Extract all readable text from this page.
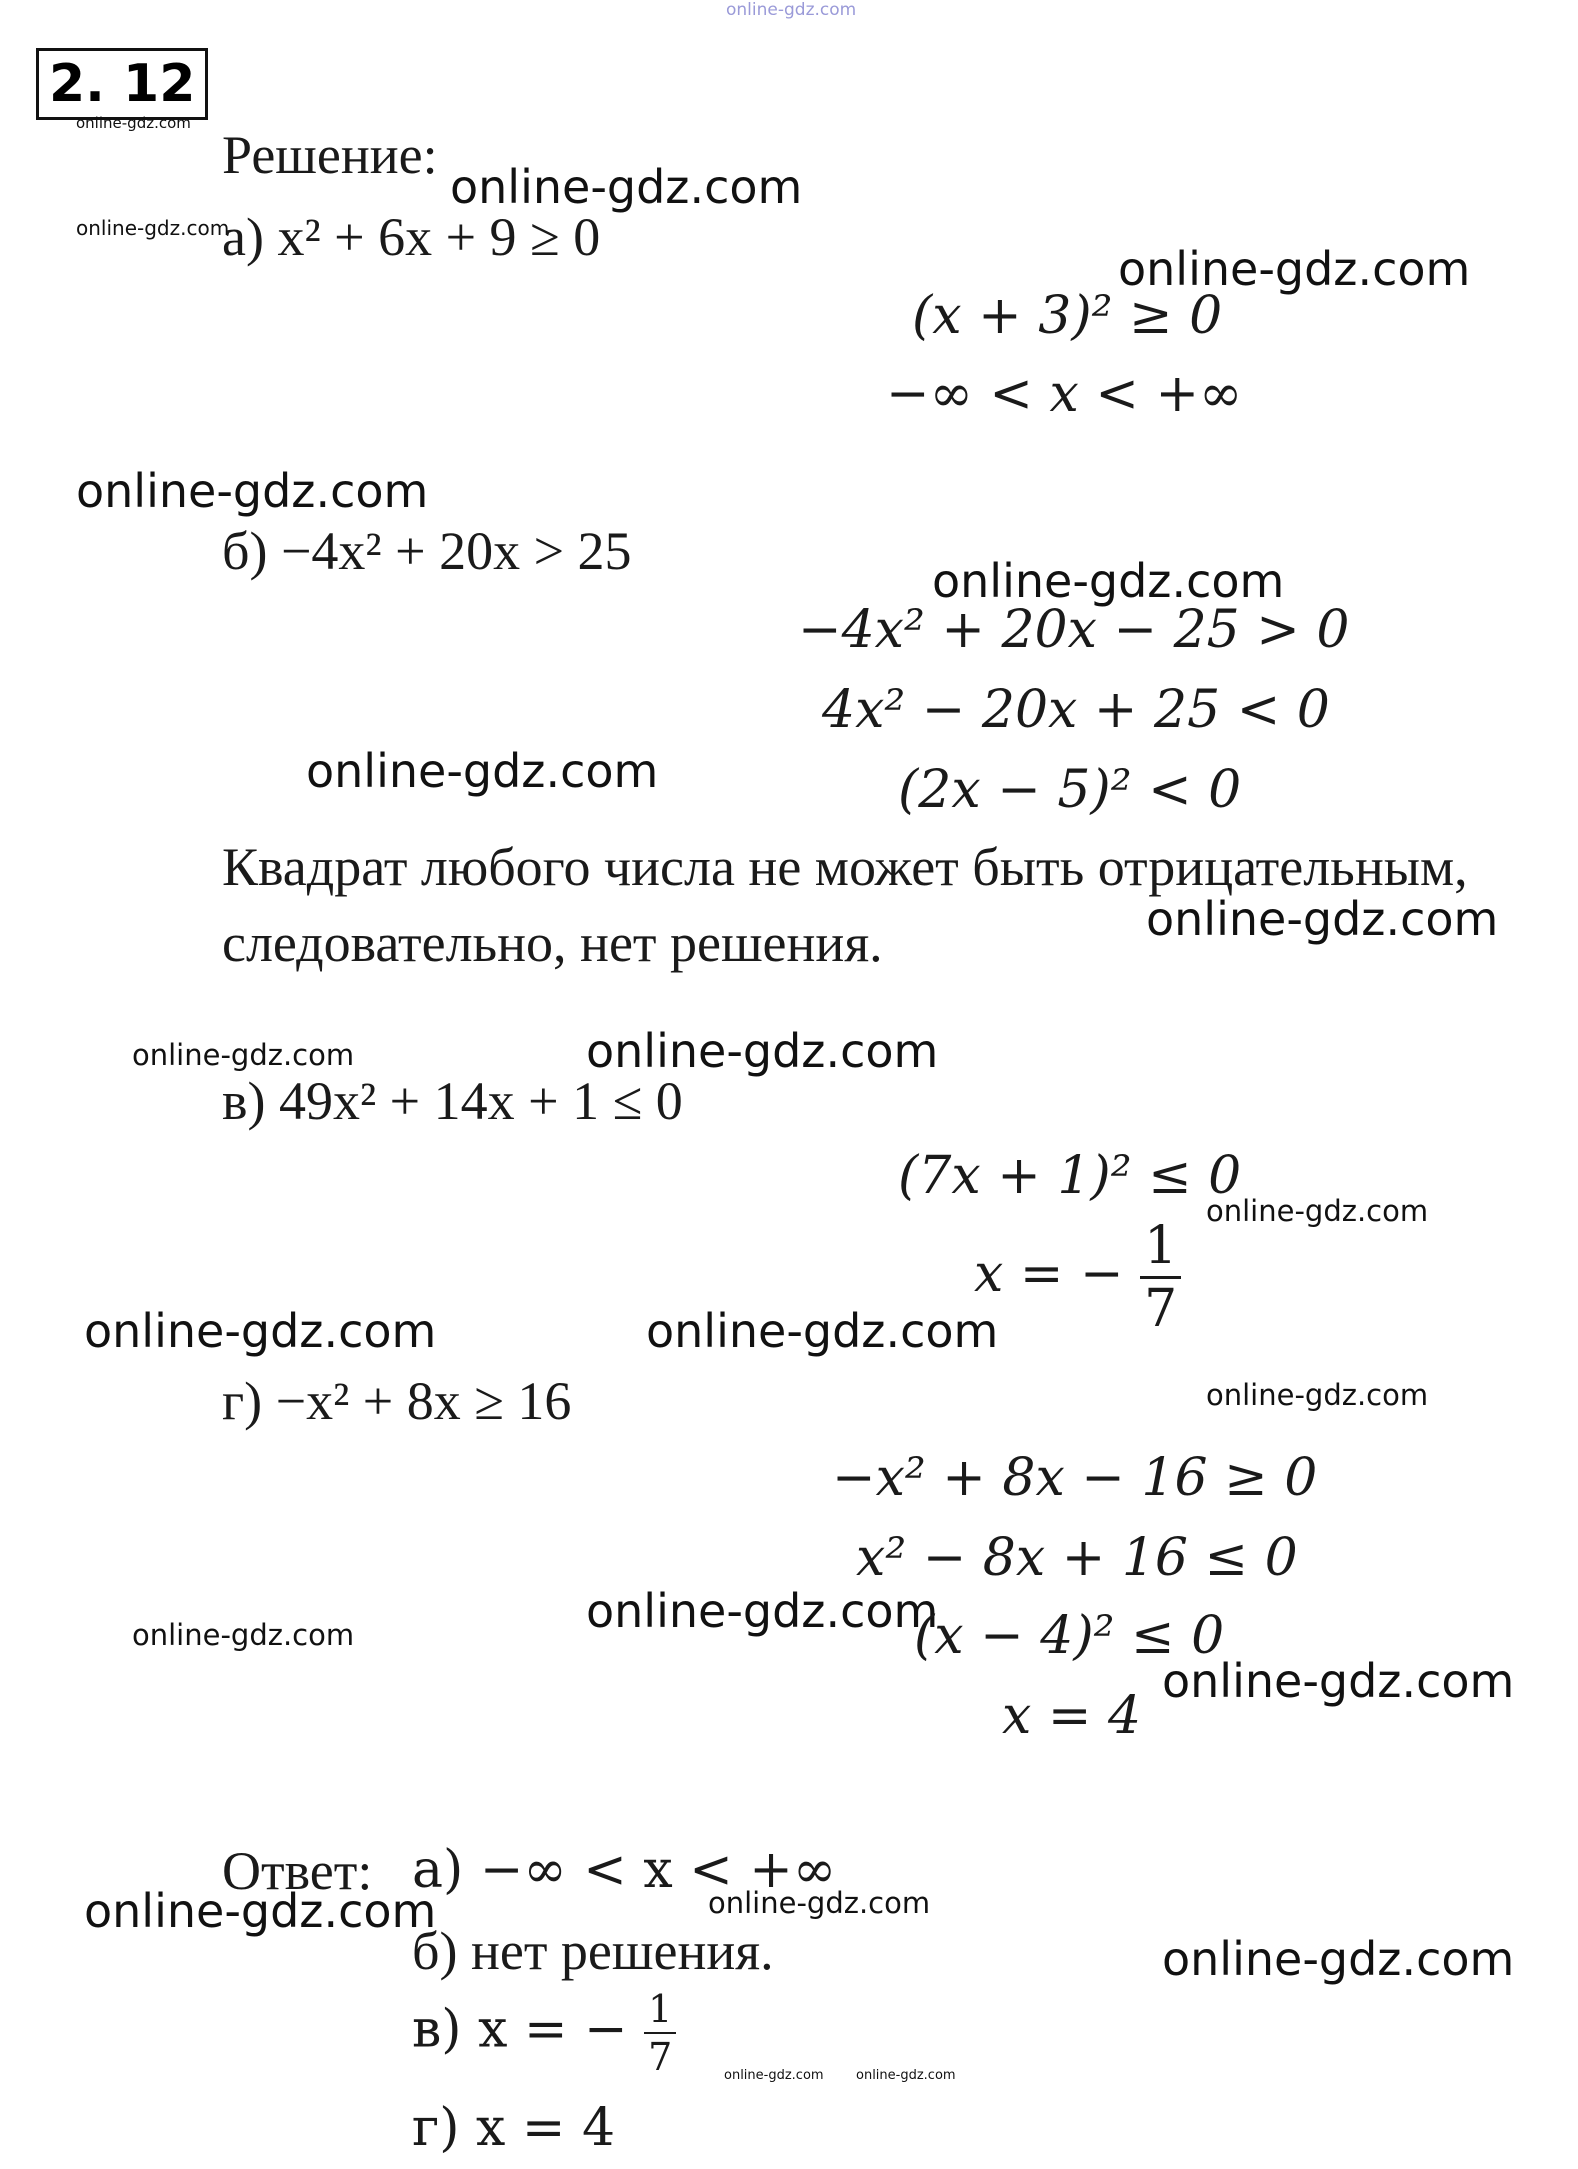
online-gdz.com
2. 12
online-gdz.com
Решение:
online-gdz.com
online-gdz.com
а) x² + 6x + 9 ≥ 0
online-gdz.com
(x + 3)² ≥ 0
−∞ < x < +∞
online-gdz.com
б) −4x² + 20x > 25	online-gdz.com
−4x² + 20x − 25 > 0
4x² − 20x + 25 < 0
online-gdz.com	(2x − 5)² < 0
Квадрат любого числа не может быть отрицательным,
online-gdz.com
следовательно, нет решения.
online-gdz.com	online-gdz.com
в) 49x² + 14x + 1 ≤ 0
(7x + 1)² ≤ 0
online-gdz.com
x = − $\frac{1}{7}$
online-gdz.com	online-gdz.com
г) −x² + 8x ≥ 16	online-gdz.com
−x² + 8x − 16 ≥ 0
x² − 8x + 16 ≤ 0
online-gdz.com	online-gdz.com
(x − 4)² ≤ 0
online-gdz.com
x = 4
Ответ: а) −∞ < x < +∞
online-gdz.com	online-gdz.com
б) нет решения.	online-gdz.com
в) x = − $\frac{1}{7}$	online-gdz.com online-gdz.com
г) x = 4
